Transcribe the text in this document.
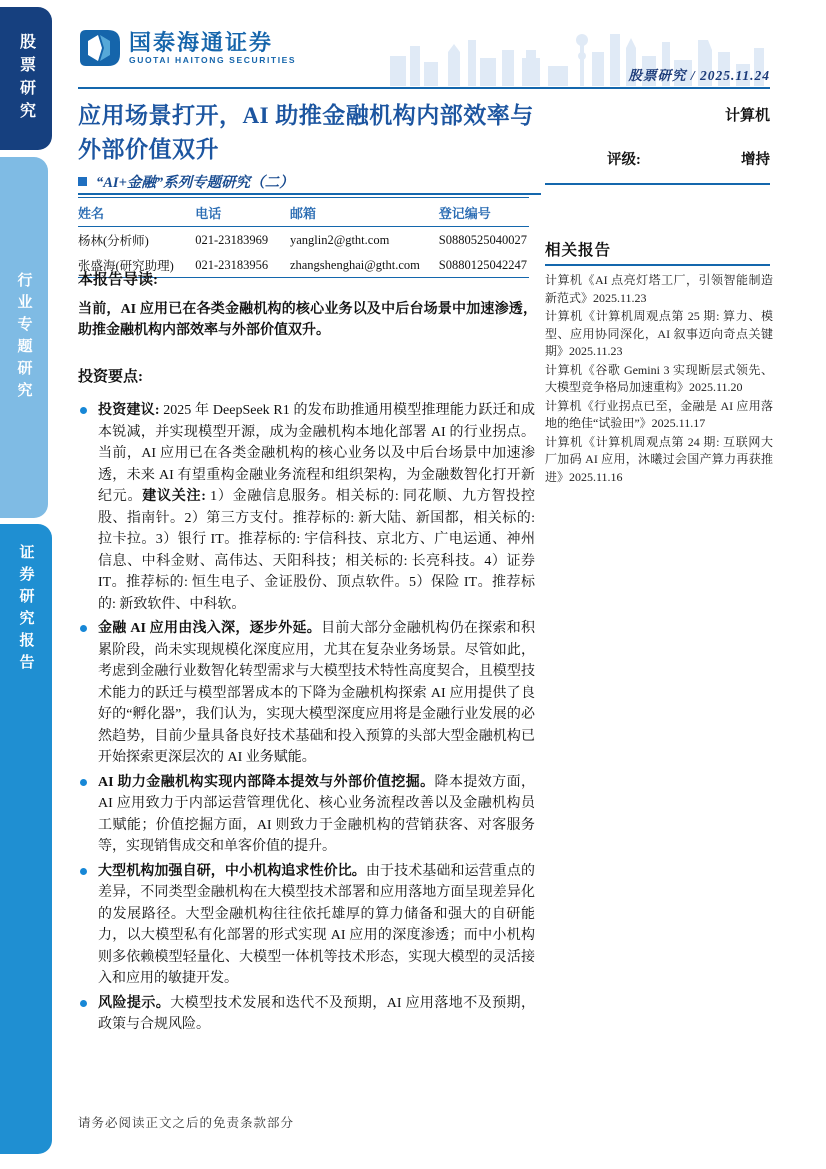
股票研究
行业专题研究
证券研究报告
国泰海通证券
GUOTAI HAITONG SECURITIES
股票研究 / 2025.11.24
应用场景打开，AI 助推金融机构内部效率与外部价值双升
“AI+金融”系列专题研究（二）
计算机
评级:	增持
姓名	电话	邮箱	登记编号
杨林(分析师)	021-23183969	yanglin2@gtht.com	S0880525040027
张盛海(研究助理)	021-23183956	zhangshenghai@gtht.com	S0880125042247
相关报告
计算机《AI 点亮灯塔工厂，引领智能制造新范式》2025.11.23
计算机《计算机周观点第 25 期: 算力、模型、应用协同深化，AI 叙事迈向奇点关键期》2025.11.23
计算机《谷歌 Gemini 3 实现断层式领先、大模型竞争格局加速重构》2025.11.20
计算机《行业拐点已至，金融是 AI 应用落地的绝佳“试验田”》2025.11.17
计算机《计算机周观点第 24 期: 互联网大厂加码 AI 应用，沐曦过会国产算力再获推进》2025.11.16
本报告导读:
当前，AI 应用已在各类金融机构的核心业务以及中后台场景中加速渗透，助推金融机构内部效率与外部价值双升。
投资要点:

投资建议: 2025 年 DeepSeek R1 的发布助推通用模型推理能力跃迁和成本锐减，并实现模型开源，成为金融机构本地化部署 AI 的行业拐点。当前，AI 应用已在各类金融机构的核心业务以及中后台场景中加速渗透，未来 AI 有望重构金融业务流程和组织架构，为金融数智化打开新纪元。建议关注: 1）金融信息服务。相关标的: 同花顺、九方智投控股、指南针。2）第三方支付。推荐标的: 新大陆、新国都，相关标的: 拉卡拉。3）银行 IT。推荐标的: 宇信科技、京北方、广电运通、神州信息、中科金财、高伟达、天阳科技；相关标的: 长亮科技。4）证券 IT。推荐标的: 恒生电子、金证股份、顶点软件。5）保险 IT。推荐标的: 新致软件、中科软。

金融 AI 应用由浅入深，逐步外延。目前大部分金融机构仍在探索和积累阶段，尚未实现规模化深度应用，尤其在复杂业务场景。尽管如此，考虑到金融行业数智化转型需求与大模型技术特性高度契合，且模型技术能力的跃迁与模型部署成本的下降为金融机构探索 AI 应用提供了良好的“孵化器”，我们认为，实现大模型深度应用将是金融行业发展的必然趋势，目前少量具备良好技术基础和投入预算的头部大型金融机构已开始探索更深层次的 AI 业务赋能。

AI 助力金融机构实现内部降本提效与外部价值挖掘。降本提效方面，AI 应用致力于内部运营管理优化、核心业务流程改善以及金融机构员工赋能；价值挖掘方面，AI 则致力于金融机构的营销获客、对客服务等，实现销售成交和单客价值的提升。

大型机构加强自研，中小机构追求性价比。由于技术基础和运营重点的差异，不同类型金融机构在大模型技术部署和应用落地方面呈现差异化的发展路径。大型金融机构往往依托雄厚的算力储备和强大的自研能力，以大模型私有化部署的形式实现 AI 应用的深度渗透；而中小机构则多依赖模型轻量化、大模型一体机等技术形态，实现大模型的灵活接入和应用的敏捷开发。

风险提示。大模型技术发展和迭代不及预期，AI 应用落地不及预期，政策与合规风险。

请务必阅读正文之后的免责条款部分
